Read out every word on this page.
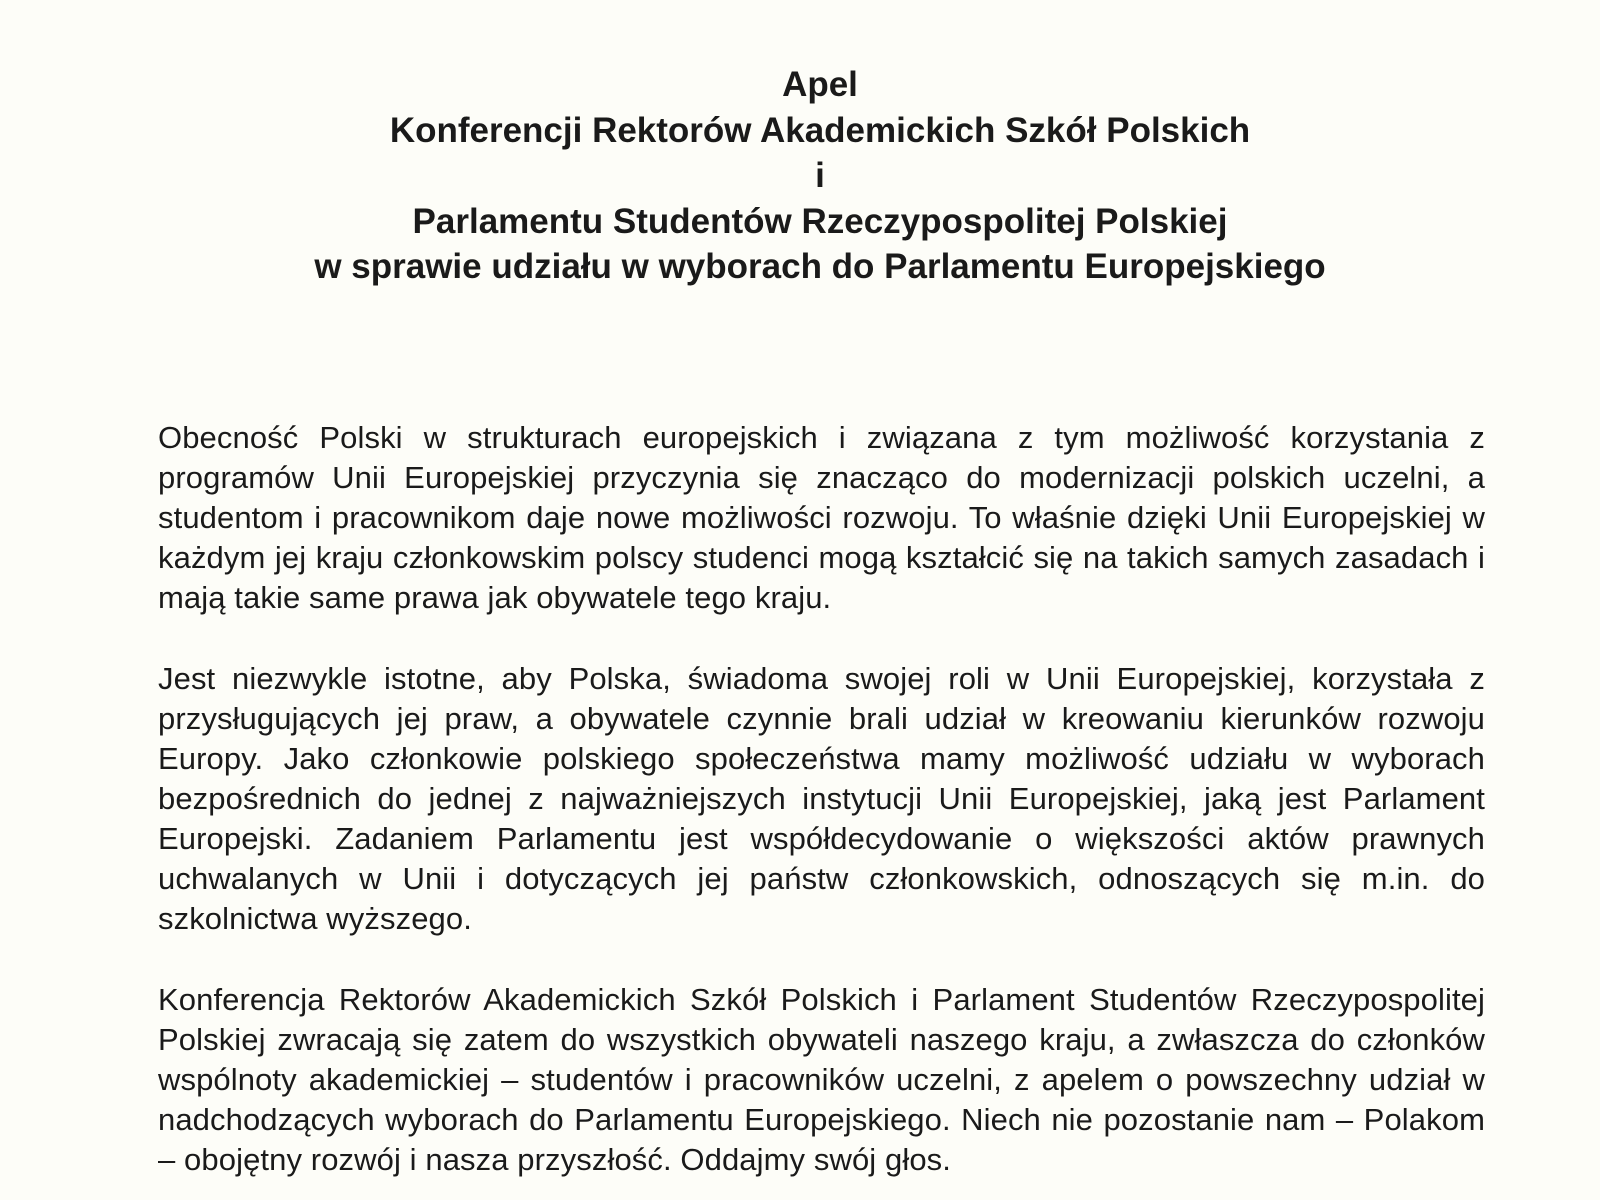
Apel
Konferencji Rektorów Akademickich Szkół Polskich
i
Parlamentu Studentów Rzeczypospolitej Polskiej
w sprawie udziału w wyborach do Parlamentu Europejskiego

Obecność Polski w strukturach europejskich i związana z tym możliwość korzystania z programów Unii Europejskiej przyczynia się znacząco do modernizacji polskich uczelni, a studentom i pracownikom daje nowe możliwości rozwoju. To właśnie dzięki Unii Europejskiej w każdym jej kraju członkowskim polscy studenci mogą kształcić się na takich samych zasadach i mają takie same prawa jak obywatele tego kraju.

Jest niezwykle istotne, aby Polska, świadoma swojej roli w Unii Europejskiej, korzystała z przysługujących jej praw, a obywatele czynnie brali udział w kreowaniu kierunków rozwoju Europy. Jako członkowie polskiego społeczeństwa mamy możliwość udziału w wyborach bezpośrednich do jednej z najważniejszych instytucji Unii Europejskiej, jaką jest Parlament Europejski. Zadaniem Parlamentu jest współdecydowanie o większości aktów prawnych uchwalanych w Unii i dotyczących jej państw członkowskich, odnoszących się m.in. do szkolnictwa wyższego.

Konferencja Rektorów Akademickich Szkół Polskich i Parlament Studentów Rzeczypospolitej Polskiej zwracają się zatem do wszystkich obywateli naszego kraju, a zwłaszcza do członków wspólnoty akademickiej – studentów i pracowników uczelni, z apelem o powszechny udział w nadchodzących wyborach do Parlamentu Europejskiego. Niech nie pozostanie nam – Polakom – obojętny rozwój i nasza przyszłość. Oddajmy swój głos.
